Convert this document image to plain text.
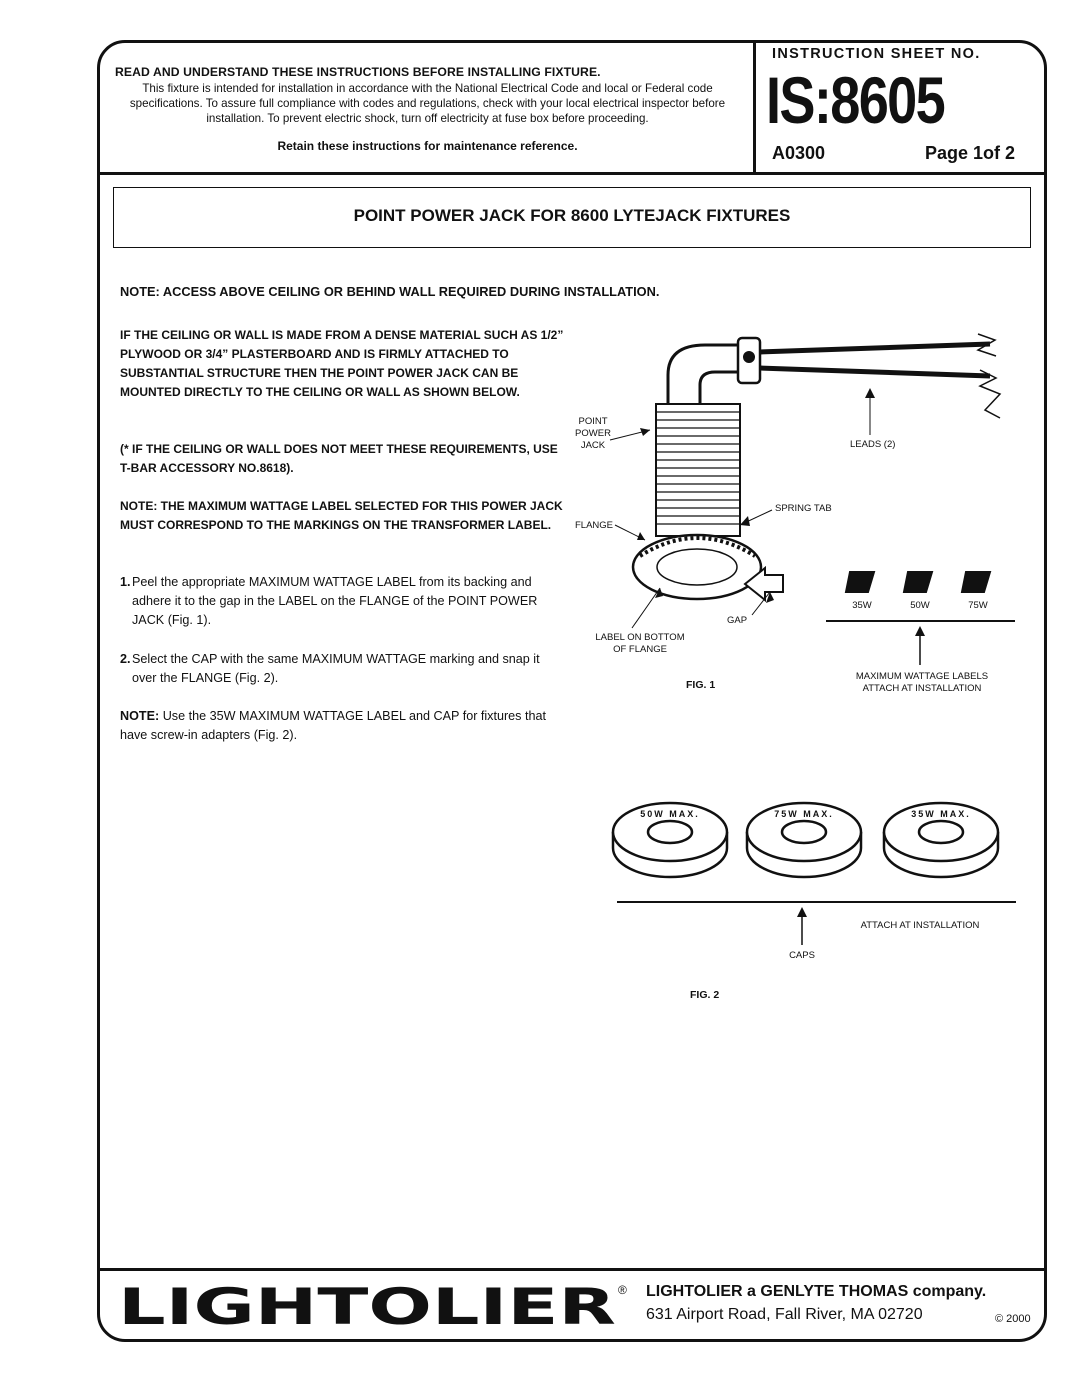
READ AND UNDERSTAND THESE INSTRUCTIONS BEFORE INSTALLING FIXTURE.
This fixture is intended for installation in accordance with the National Electrical Code and local or Federal code specifications. To assure full compliance with codes and regulations, check with your local electrical inspector before installation. To prevent electric shock, turn off electricity at fuse box before proceeding.
Retain these instructions for maintenance reference.
INSTRUCTION SHEET NO.
IS:8605
A0300	Page 1of 2
POINT POWER JACK FOR 8600 LYTEJACK FIXTURES
NOTE: ACCESS ABOVE CEILING OR BEHIND WALL REQUIRED DURING INSTALLATION.
IF THE CEILING OR WALL IS MADE FROM A DENSE MATERIAL SUCH AS 1/2” PLYWOOD OR 3/4” PLASTERBOARD AND IS FIRMLY ATTACHED TO SUBSTANTIAL STRUCTURE THEN THE POINT POWER JACK CAN BE MOUNTED DIRECTLY TO THE CEILING OR WALL AS SHOWN BELOW.
(* IF THE CEILING OR WALL DOES NOT MEET THESE REQUIREMENTS, USE T-BAR ACCESSORY NO.8618).
NOTE: THE MAXIMUM WATTAGE LABEL SELECTED FOR THIS POWER JACK MUST CORRESPOND TO THE MARKINGS ON THE TRANSFORMER LABEL.
1. Peel the appropriate MAXIMUM WATTAGE LABEL from its backing and adhere it to the gap in the LABEL on the FLANGE of the POINT POWER JACK (Fig. 1).
2. Select the CAP with the same MAXIMUM WATTAGE marking and snap it over the FLANGE (Fig. 2).
NOTE: Use the 35W MAXIMUM WATTAGE LABEL and CAP for fixtures that have screw-in adapters (Fig. 2).
POINT
POWER
JACK	LEADS (2)
SPRING TAB
FLANGE
GAP
LABEL ON BOTTOM
OF FLANGE
FIG. 1
35W	50W	75W
MAXIMUM WATTAGE LABELS
ATTACH AT INSTALLATION
50W MAX.	75W MAX.	35W MAX.
ATTACH AT INSTALLATION
CAPS
FIG. 2
LIGHTOLIER ® LIGHTOLIER a GENLYTE THOMAS company.
631 Airport Road, Fall River, MA 02720	© 2000
